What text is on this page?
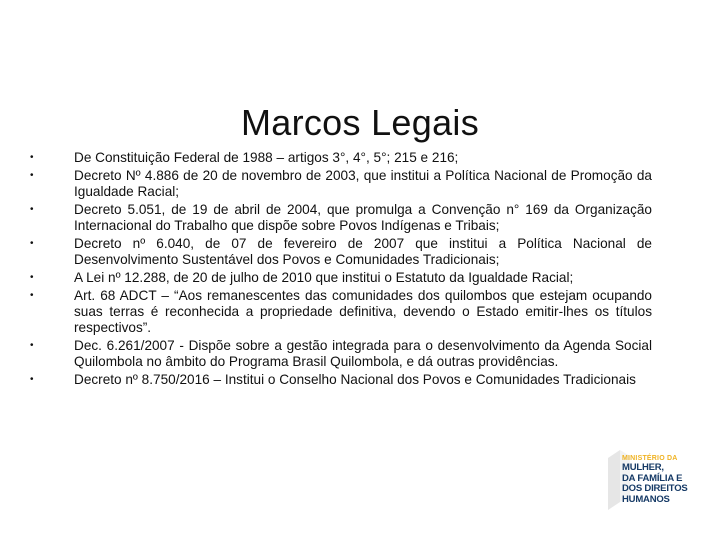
Marcos Legais
•	De Constituição Federal de 1988 – artigos 3°, 4°, 5°; 215 e 216;
•	Decreto Nº 4.886 de 20 de novembro de 2003, que institui a Política Nacional de Promoção da Igualdade Racial;
•	Decreto 5.051, de 19 de abril de 2004, que promulga a Convenção n° 169 da Organização Internacional do Trabalho que dispõe sobre Povos Indígenas e Tribais;
•	Decreto nº 6.040, de 07 de fevereiro de 2007 que institui a Política Nacional de Desenvolvimento Sustentável dos Povos e Comunidades Tradicionais;
•	A Lei nº 12.288, de 20 de julho de 2010 que institui o Estatuto da Igualdade Racial;
•	Art. 68 ADCT – “Aos remanescentes das comunidades dos quilombos que estejam ocupando suas terras é reconhecida a propriedade definitiva, devendo o Estado emitir-lhes os títulos respectivos”.
•	Dec. 6.261/2007 - Dispõe sobre a gestão integrada para o desenvolvimento da Agenda Social Quilombola no âmbito do Programa Brasil Quilombola, e dá outras providências.
•	Decreto nº 8.750/2016 – Institui o Conselho Nacional dos Povos e Comunidades Tradicionais
MINISTÉRIO DA
MULHER,
DA FAMÍLIA E
DOS DIREITOS
HUMANOS
